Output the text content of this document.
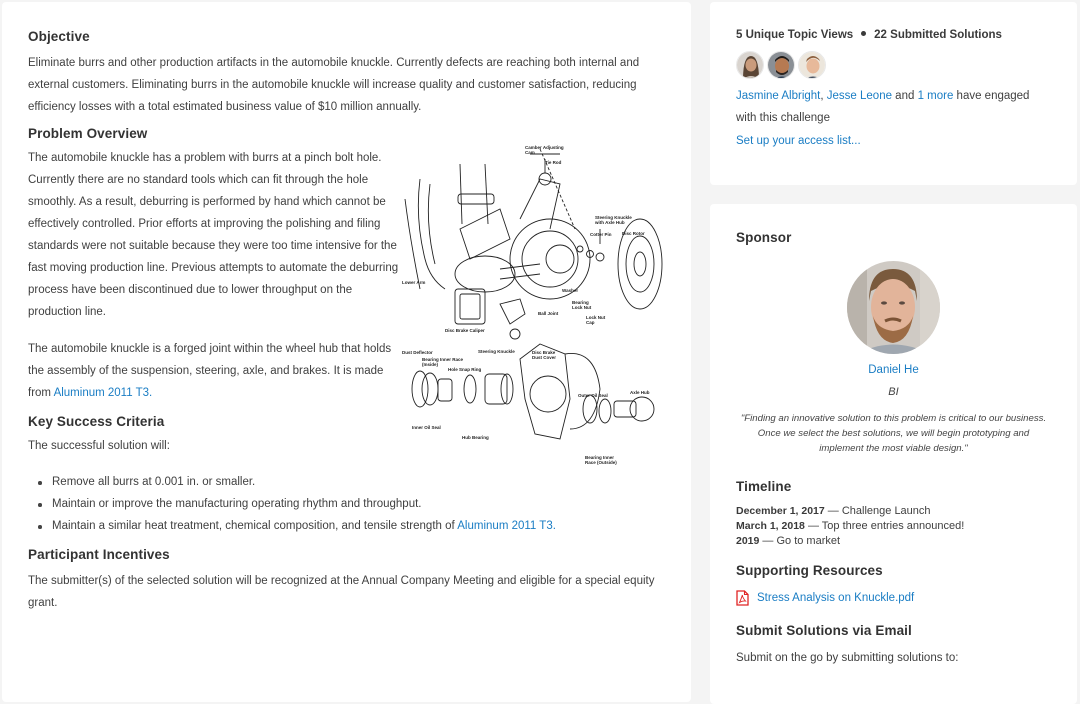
Objective

Eliminate burrs and other production artifacts in the automobile knuckle. Currently defects are reaching both internal and external customers. Eliminating burrs in the automobile knuckle will increase quality and customer satisfaction, reducing efficiency losses with a total estimated business value of $10 million annually.

Problem Overview

The automobile knuckle has a problem with burrs at a pinch bolt hole. Currently there are no standard tools which can fit through the hole smoothly. As a result, deburring is performed by hand which cannot be effectively controlled. Prior efforts at improving the polishing and filing standards were not suitable because they were too time intensive for the fast moving production line. Previous attempts to automate the deburring process have been discontinued due to lower throughput on the production line.

The automobile knuckle is a forged joint within the wheel hub that holds the assembly of the suspension, steering, axle, and brakes. It is made from Aluminum 2011 T3.

Camber Adjusting
Cam
Tie Rod
Steering Knuckle
with Axle Hub
Cotter Pin Disc Rotor
Lower Arm
Washer
Bearing
Lock Nut
Lock Nut
Cap
Ball Joint
Disc Brake Caliper
Dust Deflector
Bearing Inner Race
(Inside)
Hole Snap Ring
Steering Knuckle	Disc Brake
Dust Cover
Inner Oil Seal
Hub Bearing
Outer Oil Seal
Axle Hub
Bearing Inner
Race (Outside)
Key Success Criteria

The successful solution will:

Remove all burrs at 0.001 in. or smaller.
Maintain or improve the manufacturing operating rhythm and throughput.
Maintain a similar heat treatment, chemical composition, and tensile strength of Aluminum 2011 T3.
Participant Incentives

The submitter(s) of the selected solution will be recognized at the Annual Company Meeting and eligible for a special equity grant.

5 Unique Topic Views 22 Submitted Solutions

Jasmine Albright, Jesse Leone and 1 more have engaged with this challenge

Set up your access list...
Sponsor
Daniel He
BI

"Finding an innovative solution to this problem is critical to our business. Once we select the best solutions, we will begin prototyping and implement the most viable design."

Timeline
December 1, 2017 — Challenge Launch
March 1, 2018 — Top three entries announced!
2019 — Go to market
Supporting Resources
Stress Analysis on Knuckle.pdf
Submit Solutions via Email

Submit on the go by submitting solutions to:
